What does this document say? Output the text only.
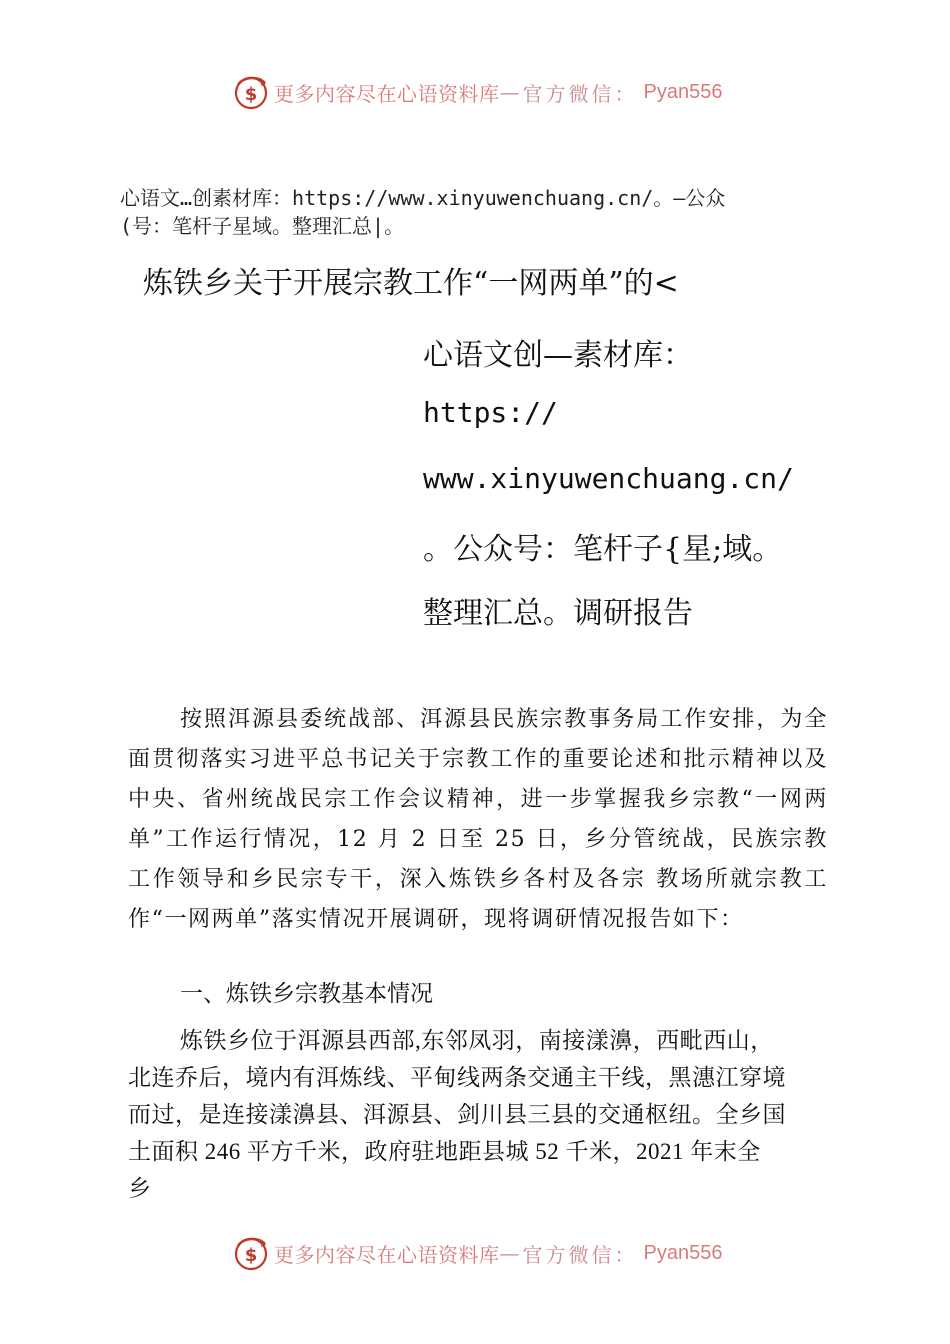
$ 更多内容尽在心语资料库 — 官方微信： Pyan556
心语文…创素材库：https://www.xinyuwenchuang.cn/。—公众
(号：笔杆子星域。整理汇总|。
炼铁乡关于开展宗教工作“一网两单”的<
心语文创—素材库：
https://
www.xinyuwenchuang.cn/
。公众号：笔杆子{星;域。
整理汇总。调研报告
按照洱源县委统战部、洱源县民族宗教事务局工作安排，为全面贯彻落实习进平总书记关于宗教工作的重要论述和批示精神以及中央、省州统战民宗工作会议精神，进一步掌握我乡宗教“一网两单”工作运行情况，12 月 2 日至 25 日，乡分管统战，民族宗教工作领导和乡民宗专干，深入炼铁乡各村及各宗 教场所就宗教工作“一网两单”落实情况开展调研，现将调研情况报告如下：
一、炼铁乡宗教基本情况
炼铁乡位于洱源县西部,东邻凤羽，南接漾濞，西毗西山，
北连乔后，境内有洱炼线、平甸线两条交通主干线，黑潓江穿境
而过，是连接漾濞县、洱源县、剑川县三县的交通枢纽。全乡国
土面积 246 平方千米，政府驻地距县城 52 千米，2021 年末全
乡
$ 更多内容尽在心语资料库 — 官方微信： Pyan556
